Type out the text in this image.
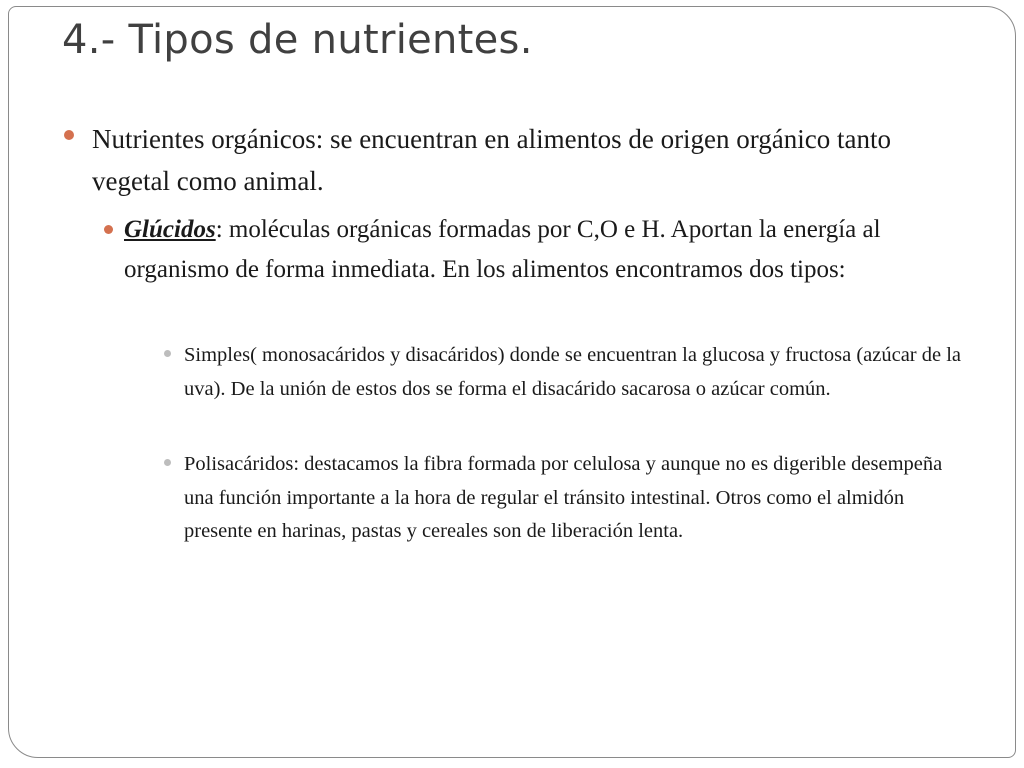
4.- Tipos de nutrientes.

Nutrientes orgánicos: se encuentran en alimentos de origen orgánico tanto vegetal como animal.

Glúcidos: moléculas orgánicas formadas por C,O e H. Aportan la energía al organismo de forma inmediata. En los alimentos encontramos dos tipos:

Simples( monosacáridos y disacáridos) donde se encuentran la glucosa y fructosa (azúcar de la uva). De la unión de estos dos se forma el disacárido sacarosa o azúcar común.

Polisacáridos: destacamos la fibra formada por celulosa y aunque no es digerible desempeña una función importante a la hora de regular el tránsito intestinal. Otros como el almidón presente en harinas, pastas y cereales son de liberación lenta.
